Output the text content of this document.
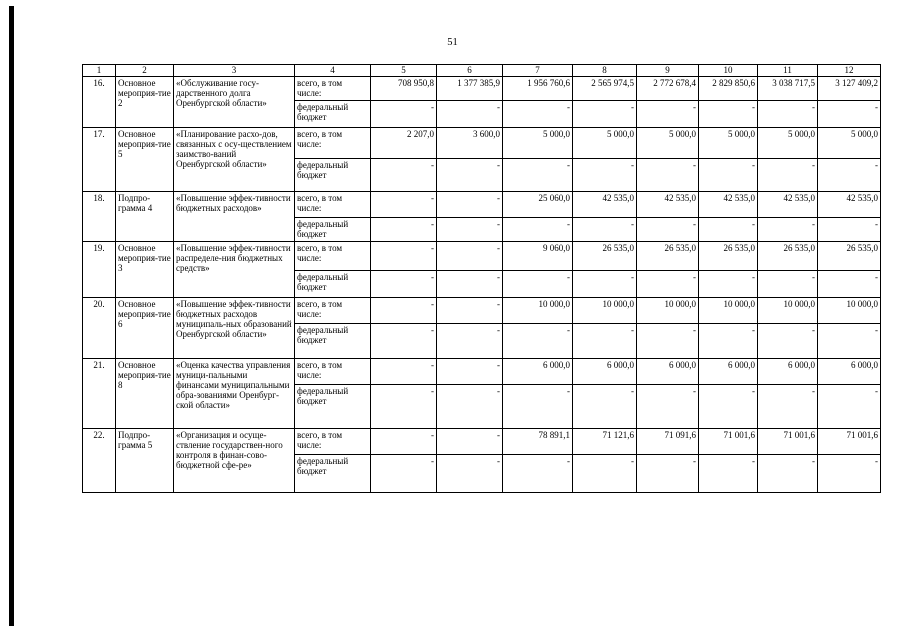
51
1	2	3	4	5	6	7	8	9	10	11	12
16.	Основное мероприя-тие 2	«Обслуживание госу-дарственного долга Оренбургской области»	всего, в том числе:	708 950,8	1 377 385,9	1 956 760,6	2 565 974,5	2 772 678,4	2 829 850,6	3 038 717,5	3 127 409,2
			федеральный бюджет	-	-	-	-	-	-	-	-
17.	Основное мероприя-тие 5	«Планирование расхо-дов, связанных с осу-ществлением заимство-ваний Оренбургской области»	всего, в том числе:	2 207,0	3 600,0	5 000,0	5 000,0	5 000,0	5 000,0	5 000,0	5 000,0
			федеральный бюджет	-	-	-	-	-	-	-	-
18.	Подпро-грамма 4	«Повышение эффек-тивности бюджетных расходов»	всего, в том числе:	-	-	25 060,0	42 535,0	42 535,0	42 535,0	42 535,0	42 535,0
			федеральный бюджет	-	-	-	-	-	-	-	-
19.	Основное мероприя-тие 3	«Повышение эффек-тивности распределе-ния бюджетных средств»	всего, в том числе:	-	-	9 060,0	26 535,0	26 535,0	26 535,0	26 535,0	26 535,0
			федеральный бюджет	-	-	-	-	-	-	-	-
20.	Основное мероприя-тие 6	«Повышение эффек-тивности бюджетных расходов муниципаль-ных образований Оренбургской области»	всего, в том числе:	-	-	10 000,0	10 000,0	10 000,0	10 000,0	10 000,0	10 000,0
			федеральный бюджет	-	-	-	-	-	-	-	-
21.	Основное мероприя-тие 8	«Оценка качества управления муници-пальными финансами муниципальными обра-зованиями Оренбург-ской области»	всего, в том числе:	-	-	6 000,0	6 000,0	6 000,0	6 000,0	6 000,0	6 000,0
			федеральный бюджет	-	-	-	-	-	-	-	-
22.	Подпро-грамма 5	«Организация и осуще-ствление государствен-ного контроля в финан-сово-бюджетной сфе-ре»	всего, в том числе:	-	-	78 891,1	71 121,6	71 091,6	71 001,6	71 001,6	71 001,6
			федеральный бюджет	-	-	-	-	-	-	-	-
